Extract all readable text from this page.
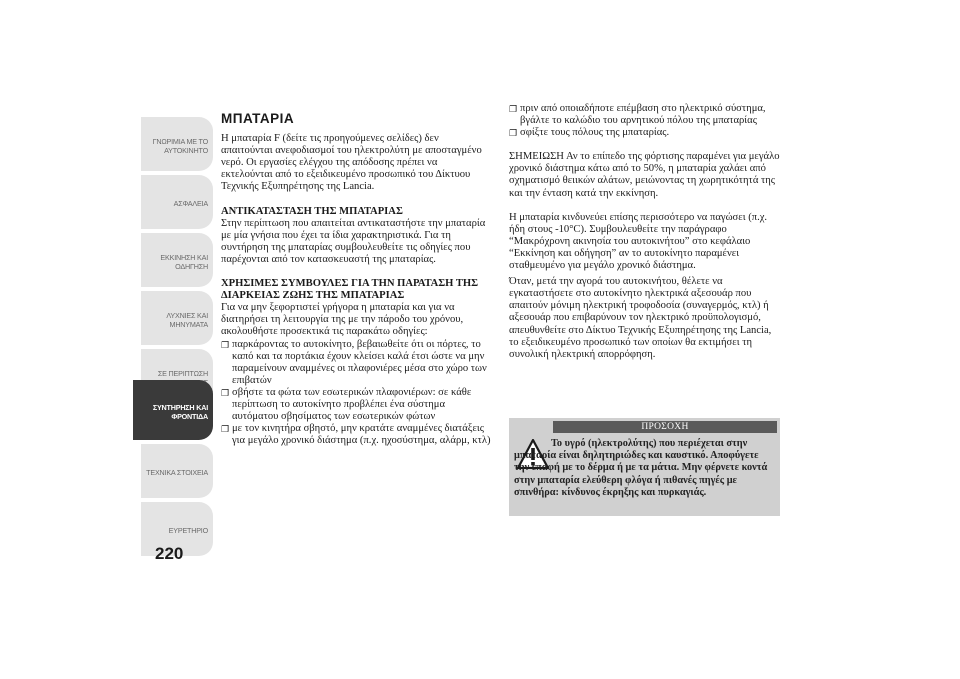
ΓΝΩΡΙΜΙΑ ΜΕ ΤΟ
ΑΥΤΟΚΙΝΗΤΟ
ΑΣΦΑΛΕΙΑ
ΕΚΚΙΝΗΣΗ ΚΑΙ
ΟΔΗΓΗΣΗ
ΛΥΧΝΙΕΣ ΚΑΙ
ΜΗΝΥΜΑΤΑ
ΣΕ ΠΕΡΙΠΤΩΣΗ

ΣΥΝΤΗΡΗΣΗ ΚΑΙ
ΦΡΟΝΤΙΔΑ
ΤΕΧΝΙΚΑ ΣΤΟΙΧΕΙΑ
ΕΥΡΕΤΗΡΙΟ
220
ΜΠΑΤΑΡΙΑ

Η μπαταρία F (δείτε τις προηγούμενες σελίδες) δεν απαιτούνται ανεφοδιασμοί του ηλεκτρολύτη με αποσταγμένο νερό. Οι εργασίες ελέγχου της απόδοσης πρέπει να εκτελούνται από το εξειδικευμένο προσωπικό του Δίκτυου Τεχνικής Εξυπηρέτησης της Lancia.

ΑΝΤΙΚΑΤΑΣΤΑΣΗ ΤΗΣ ΜΠΑΤΑΡΙΑΣ

Στην περίπτωση που απαιτείται αντικαταστήστε την μπαταρία με μία γνήσια που έχει τα ίδια χαρακτηριστικά. Για τη συντήρηση της μπαταρίας συμβουλευθείτε τις οδηγίες που παρέχονται από τον κατασκευαστή της μπαταρίας.

ΧΡΗΣΙΜΕΣ ΣΥΜΒΟΥΛΕΣ ΓΙΑ ΤΗΝ ΠΑΡΑΤΑΣΗ ΤΗΣ ΔΙΑΡΚΕΙΑΣ ΖΩΗΣ ΤΗΣ ΜΠΑΤΑΡΙΑΣ

Για να μην ξεφορτιστεί γρήγορα η μπαταρία και για να διατηρήσει τη λειτουργία της με την πάροδο του χρόνου, ακολουθήστε προσεκτικά τις παρακάτω οδηγίες:

❐ παρκάροντας το αυτοκίνητο, βεβαιωθείτε ότι οι πόρτες, το καπό και τα πορτάκια έχουν κλείσει καλά έτσι ώστε να μην παραμείνουν αναμμένες οι πλαφονιέρες μέσα στο χώρο των επιβατών
❐ σβήστε τα φώτα των εσωτερικών πλαφονιέρων: σε κάθε περίπτωση το αυτοκίνητο προβλέπει ένα σύστημα αυτόματου σβησίματος των εσωτερικών φώτων
❐ με τον κινητήρα σβηστό, μην κρατάτε αναμμένες διατάξεις για μεγάλο χρονικό διάστημα (π.χ. ηχοσύστημα, αλάρμ, κτλ)
❐ πριν από οποιαδήποτε επέμβαση στο ηλεκτρικό σύστημα, βγάλτε το καλώδιο του αρνητικού πόλου της μπαταρίας
❐ σφίξτε τους πόλους της μπαταρίας.

ΣΗΜΕΙΩΣΗ Αν το επίπεδο της φόρτισης παραμένει για μεγάλο χρονικό διάστημα κάτω από το 50%, η μπαταρία χαλάει από σχηματισμό θειικών αλάτων, μειώνοντας τη χωρητικότητά της και την ένταση κατά την εκκίνηση.

Η μπαταρία κινδυνεύει επίσης περισσότερο να παγώσει (π.χ. ήδη στους -10°C). Συμβουλευθείτε την παράγραφο “Μακρόχρονη ακινησία του αυτοκινήτου” στο κεφάλαιο “Εκκίνηση και οδήγηση” αν το αυτοκίνητο παραμένει σταθμευμένο για μεγάλο χρονικό διάστημα.

Όταν, μετά την αγορά του αυτοκινήτου, θέλετε να εγκαταστήσετε στο αυτοκίνητο ηλεκτρικά αξεσουάρ που απαιτούν μόνιμη ηλεκτρική τροφοδοσία (συναγερμός, κτλ) ή αξεσουάρ που επιβαρύνουν τον ηλεκτρικό προϋπολογισμό, απευθυνθείτε στο Δίκτυο Τεχνικής Εξυπηρέτησης της Lancia, το εξειδικευμένο προσωπικό των οποίων θα εκτιμήσει τη συνολική ηλεκτρική απορρόφηση.

ΠΡΟΣΟΧΗ
Το υγρό (ηλεκτρολύτης) που περιέχεται στην μπαταρία είναι δηλητηριώδες και καυστικό. Αποφύγετε την επαφή με το δέρμα ή με τα μάτια. Μην φέρνετε κοντά στην μπαταρία ελεύθερη φλόγα ή πιθανές πηγές με σπινθήρα: κίνδυνος έκρηξης και πυρκαγιάς.
